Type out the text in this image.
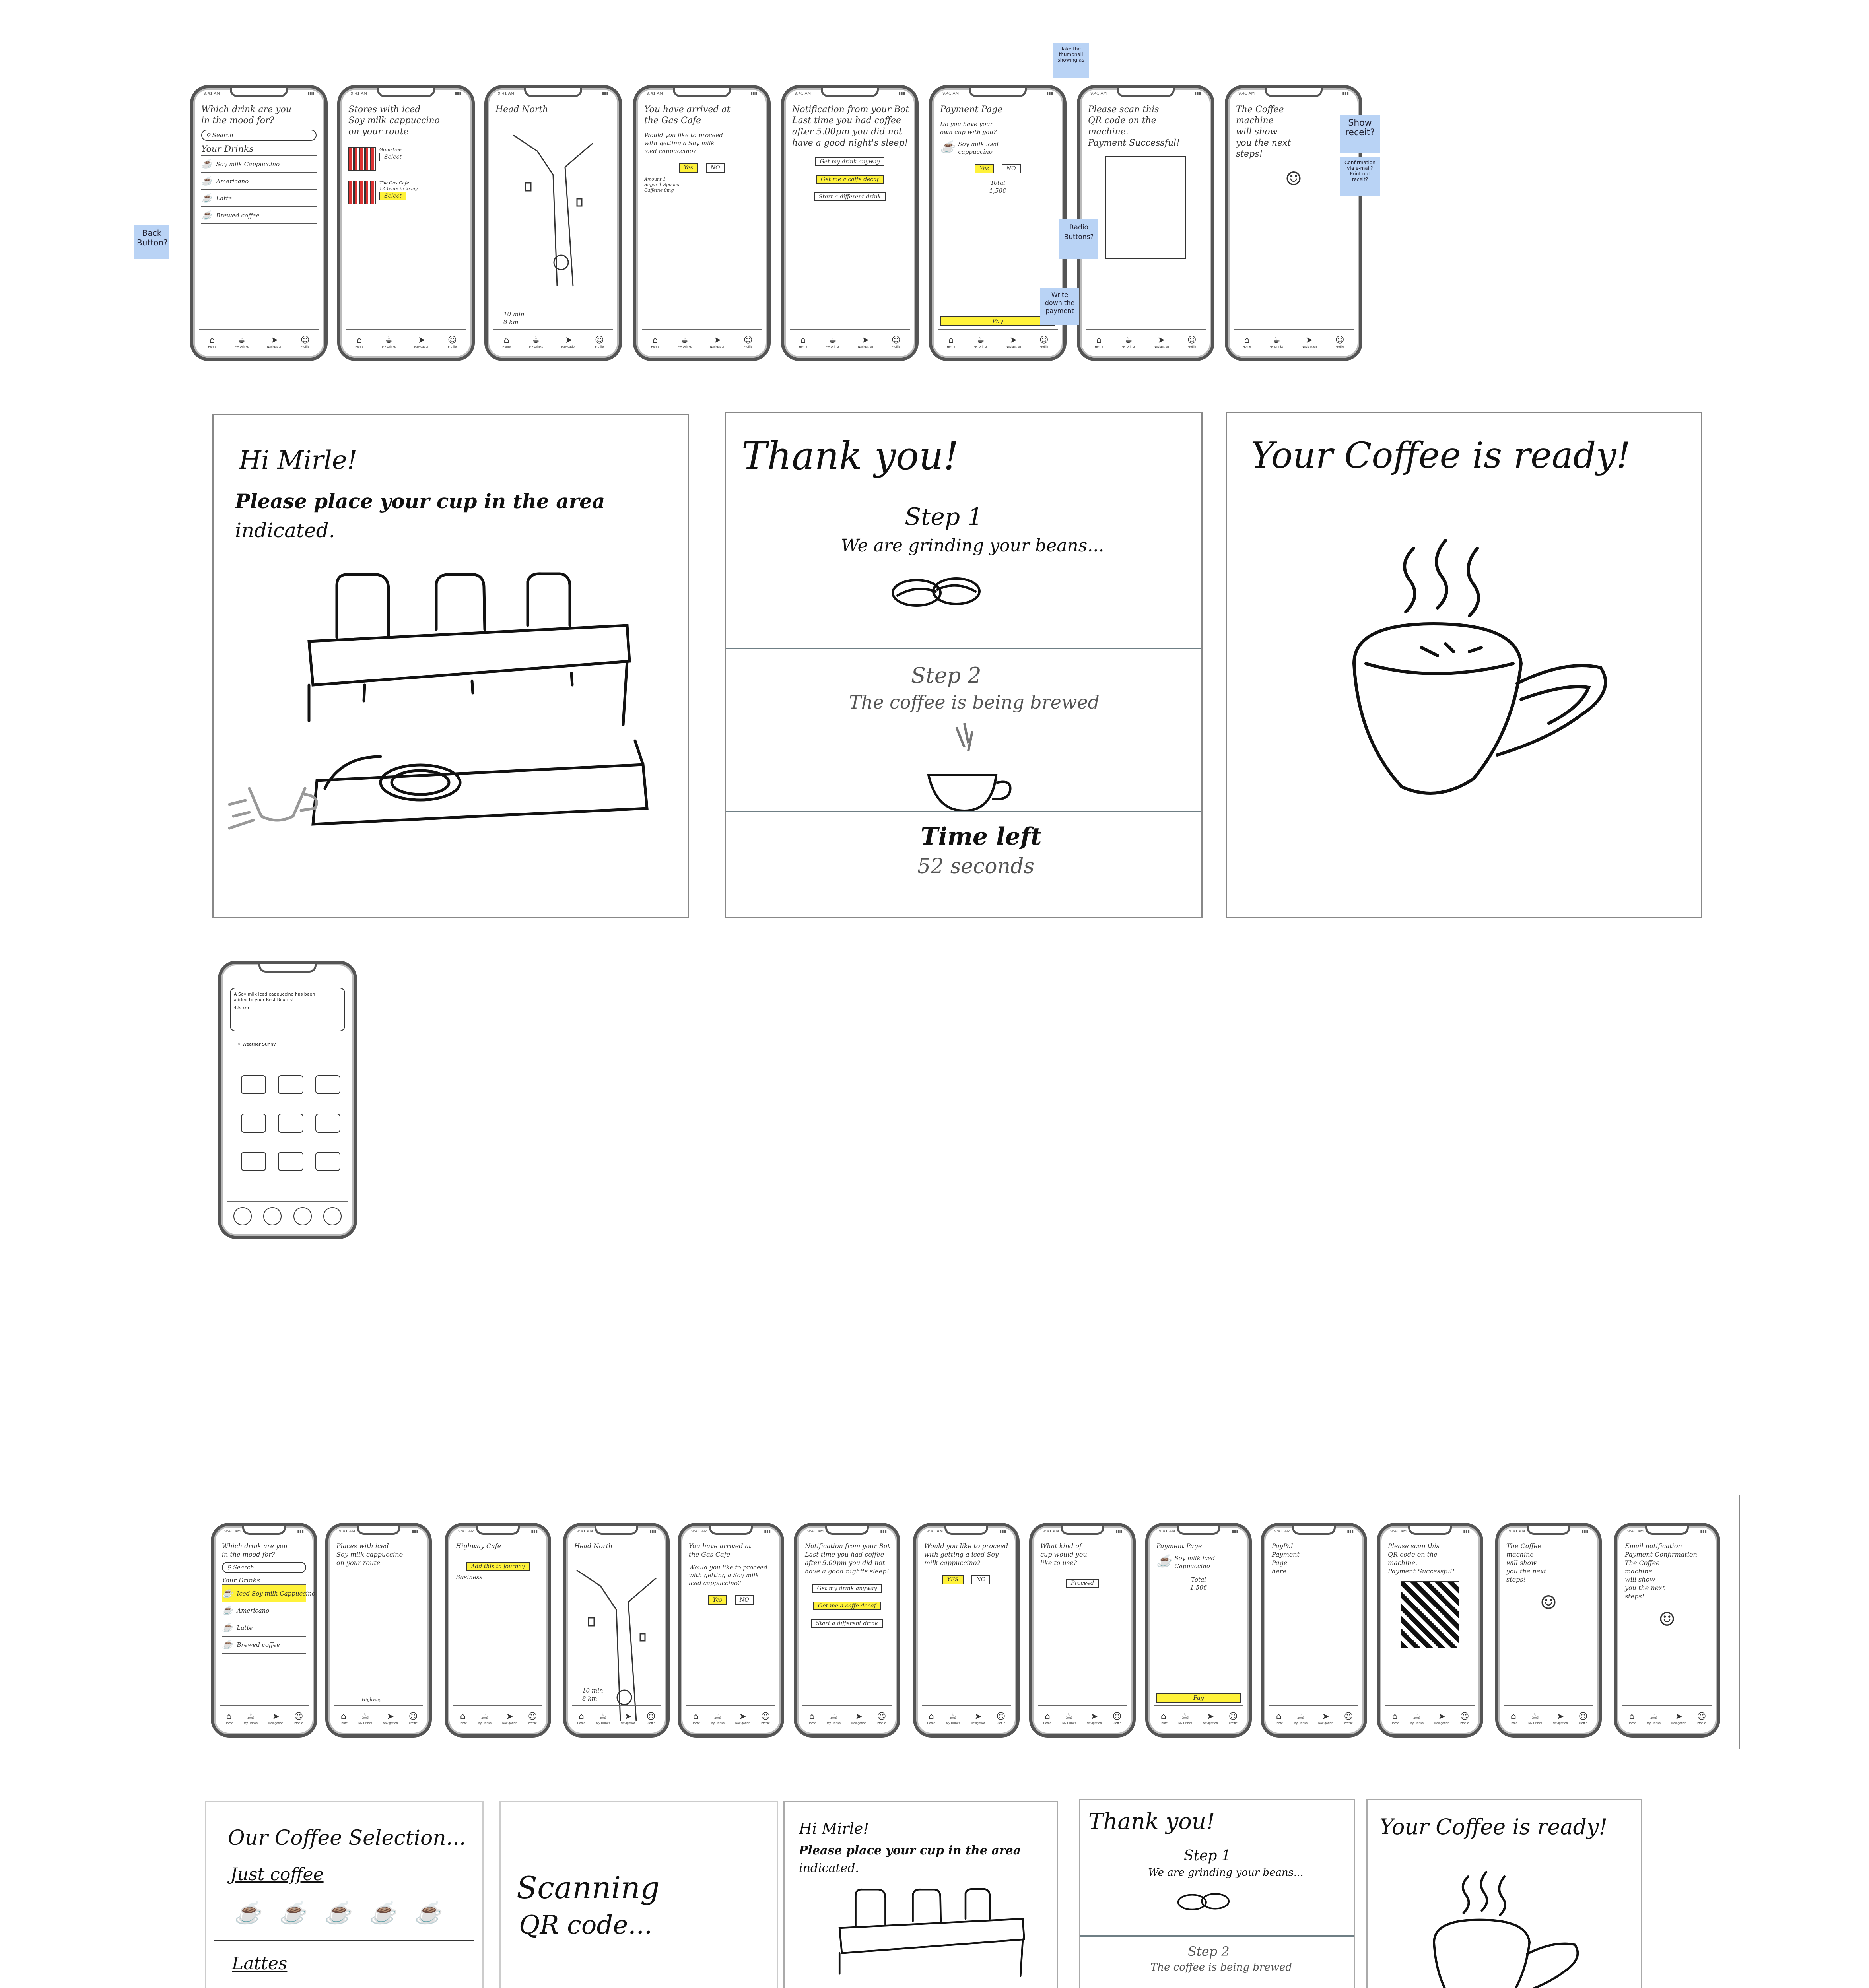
9:41 AM	▮▮▮
Which drink are you
in the mood for?
⚲ Search
Your Drinks
☕ Soy milk Cappuccino
☕ Americano
☕ Latte
☕ Brewed coffee
⌂
Home
☕
My Drinks
➤
Navigation
☺
Profile
9:41 AM	▮▮▮
Stores with iced
Soy milk cappuccino
on your route
Granstree
Select
The Gas Cafe
12 Years in today
Select
⌂
Home
☕
My Drinks
➤
Navigation
☺
Profile
9:41 AM	▮▮▮
Head North
10 min
8 km
⌂
Home
☕
My Drinks
➤
Navigation
☺
Profile
9:41 AM	▮▮▮
You have arrived at
the Gas Cafe
Would you like to proceed
with getting a Soy milk
iced cappuccino?
Yes	NO
Amount 1
Sugar 1 Spoons
Caffeine 0mg
⌂
Home
☕
My Drinks
➤
Navigation
☺
Profile
9:41 AM	▮▮▮
Notification from your Bot
Last time you had coffee
after 5.00pm you did not
have a good night's sleep!
Get my drink anyway
Get me a caffe decaf
Start a different drink
⌂
Home
☕
My Drinks
➤
Navigation
☺
Profile
9:41 AM	▮▮▮
Payment Page
Do you have your
own cup with you?
☕ Soy milk iced
cappuccino
Yes	NO
Total
1,50€
Pay
⌂
Home
☕
My Drinks
➤
Navigation
☺
Profile
9:41 AM	▮▮▮
Please scan this
QR code on the
machine.
Payment Successful!
⌂
Home
☕
My Drinks
➤
Navigation
☺
Profile
9:41 AM	▮▮▮
The Coffee
machine
will show
you the next
steps!
☺
⌂
Home
☕
My Drinks
➤
Navigation
☺
Profile
Back Button?
Take the thumbnail showing as
Radio Buttons?
Write down the payment
Show receit?
Confirmation via e-mail? Print out receit?
Hi Mirle!
Please place your cup in the area
indicated.
Thank you!
Step 1
We are grinding your beans...
Step 2
The coffee is being brewed
Time left
52 seconds
Your Coffee is ready!
A Soy milk iced cappuccino has been
added to your Best Routes!
4,5 km
☼ Weather Sunny
9:41 AM	▮▮▮
Which drink are you
in the mood for?
⚲ Search
Your Drinks
☕ Iced Soy milk Cappuccino
☕ Americano
☕ Latte
☕ Brewed coffee
⌂
Home
☕
My Drinks
➤
Navigation
☺
Profile
9:41 AM	▮▮▮
Places with iced
Soy milk cappuccino
on your route
Highway
⌂
Home
☕
My Drinks
➤
Navigation
☺
Profile
9:41 AM	▮▮▮
Highway Cafe
Add this to journey
Business
⌂
Home
☕
My Drinks
➤
Navigation
☺
Profile
9:41 AM	▮▮▮
Head North
10 min
8 km
⌂
Home
☕
My Drinks
➤
Navigation
☺
Profile
9:41 AM	▮▮▮
You have arrived at
the Gas Cafe
Would you like to proceed
with getting a Soy milk
iced cappuccino?
Yes	NO
⌂
Home
☕
My Drinks
➤
Navigation
☺
Profile
9:41 AM	▮▮▮
Notification from your Bot
Last time you had coffee
after 5.00pm you did not
have a good night's sleep!
Get my drink anyway
Get me a caffe decaf
Start a different drink
⌂
Home
☕
My Drinks
➤
Navigation
☺
Profile
9:41 AM	▮▮▮
Would you like to proceed
with getting a iced Soy
milk cappuccino?
YES	NO
⌂
Home
☕
My Drinks
➤
Navigation
☺
Profile
9:41 AM	▮▮▮
What kind of
cup would you
like to use?
Proceed
⌂
Home
☕
My Drinks
➤
Navigation
☺
Profile
9:41 AM	▮▮▮
Payment Page
☕ Soy milk iced
Cappuccino
Total
1,50€
Pay
⌂
Home
☕
My Drinks
➤
Navigation
☺
Profile
9:41 AM	▮▮▮
PayPal
Payment
Page
here
⌂
Home
☕
My Drinks
➤
Navigation
☺
Profile
9:41 AM	▮▮▮
Please scan this
QR code on the
machine.
Payment Successful!
⌂
Home
☕
My Drinks
➤
Navigation
☺
Profile
9:41 AM	▮▮▮
The Coffee
machine
will show
you the next
steps!
☺
⌂
Home
☕
My Drinks
➤
Navigation
☺
Profile
9:41 AM	▮▮▮
Email notification
Payment Confirmation
The Coffee
machine
will show
you the next
steps!
☺
⌂
Home
☕
My Drinks
➤
Navigation
☺
Profile
Our Coffee Selection...
Just coffee
☕☕☕☕☕
Lattes
Scanning
QR code...
Hi Mirle!
Please place your cup in the area
indicated.
Thank you!
Step 1
We are grinding your beans...
Step 2
The coffee is being brewed
Your Coffee is ready!
